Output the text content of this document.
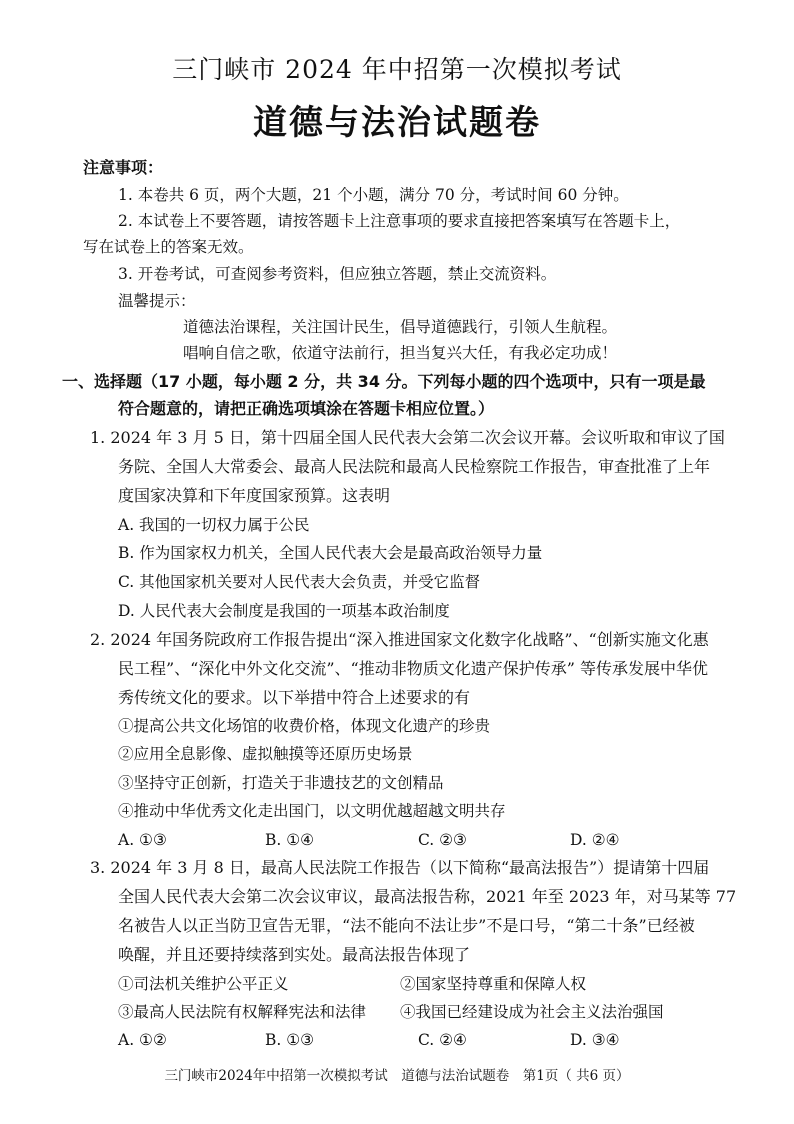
三门峡市 2024 年中招第一次模拟考试
道德与法治试题卷
注意事项：
1. 本卷共 6 页，两个大题，21 个小题，满分 70 分，考试时间 60 分钟。
2. 本试卷上不要答题，请按答题卡上注意事项的要求直接把答案填写在答题卡上，
写在试卷上的答案无效。
3. 开卷考试，可查阅参考资料，但应独立答题，禁止交流资料。
温馨提示：
道德法治课程，关注国计民生，倡导道德践行，引领人生航程。
唱响自信之歌，依道守法前行，担当复兴大任，有我必定功成！
一、选择题（17 小题，每小题 2 分，共 34 分。下列每小题的四个选项中，只有一项是最
符合题意的，请把正确选项填涂在答题卡相应位置。）
1. 2024 年 3 月 5 日，第十四届全国人民代表大会第二次会议开幕。会议听取和审议了国
务院、全国人大常委会、最高人民法院和最高人民检察院工作报告，审查批准了上年
度国家决算和下年度国家预算。这表明
A. 我国的一切权力属于公民
B. 作为国家权力机关，全国人民代表大会是最高政治领导力量
C. 其他国家机关要对人民代表大会负责，并受它监督
D. 人民代表大会制度是我国的一项基本政治制度
2. 2024 年国务院政府工作报告提出“深入推进国家文化数字化战略”、“创新实施文化惠
民工程”、“深化中外文化交流”、“推动非物质文化遗产保护传承” 等传承发展中华优
秀传统文化的要求。以下举措中符合上述要求的有
①提高公共文化场馆的收费价格，体现文化遗产的珍贵
②应用全息影像、虚拟触摸等还原历史场景
③坚持守正创新，打造关于非遗技艺的文创精品
④推动中华优秀文化走出国门，以文明优越超越文明共存
A. ①③	B. ①④	C. ②③	D. ②④
3. 2024 年 3 月 8 日，最高人民法院工作报告（以下简称“最高法报告”）提请第十四届
全国人民代表大会第二次会议审议，最高法报告称，2021 年至 2023 年，对马某等 77
名被告人以正当防卫宣告无罪，“法不能向不法让步”不是口号，“第二十条”已经被
唤醒，并且还要持续落到实处。最高法报告体现了
①司法机关维护公平正义	②国家坚持尊重和保障人权
③最高人民法院有权解释宪法和法律 ④我国已经建设成为社会主义法治强国
A. ①②	B. ①③	C. ②④	D. ③④
三门峡市2024年中招第一次模拟考试　道德与法治试题卷　第1页（ 共6 页）
